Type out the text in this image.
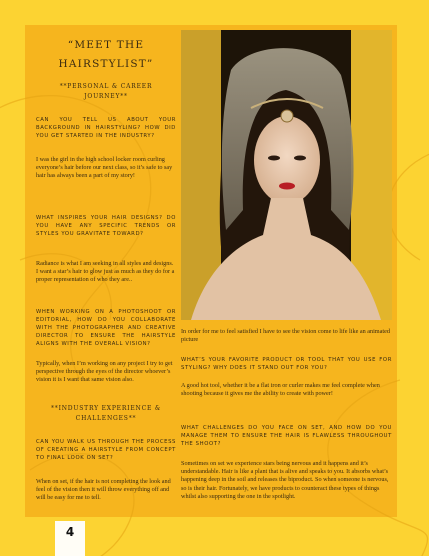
“MEET THE
HAIRSTYLIST”
**PERSONAL & CAREER
JOURNEY**
CAN YOU TELL US ABOUT YOUR BACKGROUND IN HAIRSTYLING? HOW DID YOU GET STARTED IN THE INDUSTRY?
I was the girl in the high school locker room curling everyone’s hair before our next class, so it’s safe to say hair has always been a part of my story!
WHAT INSPIRES YOUR HAIR DESIGNS? DO YOU HAVE ANY SPECIFIC TRENDS OR STYLES YOU GRAVITATE TOWARD?
Radiance is what I am seeking in all styles and designs. I want a star’s hair to glow just as much as they do for a proper representation of who they are..
WHEN WORKING ON A PHOTOSHOOT OR EDITORIAL, HOW DO YOU COLLABORATE WITH THE PHOTOGRAPHER AND CREATIVE DIRECTOR TO ENSURE THE HAIRSTYLE ALIGNS WITH THE OVERALL VISION?
Typically, when I’m working on any project I try to get perspective through the eyes of the director whoever’s vision it is I want that same vision also.
**INDUSTRY EXPERIENCE &
CHALLENGES**
CAN YOU WALK US THROUGH THE PROCESS OF CREATING A HAIRSTYLE FROM CONCEPT TO FINAL LOOK ON SET?
When on set, if the hair is not completing the look and feel of the vision then it will throw everything off and will be easy for me to tell.
In order for me to feel satisfied I have to see the vision come to life like an animated picture
WHAT’S YOUR FAVORITE PRODUCT OR TOOL THAT YOU USE FOR STYLING? WHY DOES IT STAND OUT FOR YOU?
A good hot tool, whether it be a flat iron or curler makes me feel complete when shooting because it gives me the ability to create with power!
WHAT CHALLENGES DO YOU FACE ON SET, AND HOW DO YOU MANAGE THEM TO ENSURE THE HAIR IS FLAWLESS THROUGHOUT THE SHOOT?
Sometimes on set we experience stars being nervous and it happens and it’s understandable. Hair is like a plant that is alive and speaks to you. It absorbs what’s happening deep in the soil and releases the biproduct. So when someone is nervous, so is their hair. Fortunately, we have products to counteract these types of things whilst also supporting the one in the spotlight.
4
